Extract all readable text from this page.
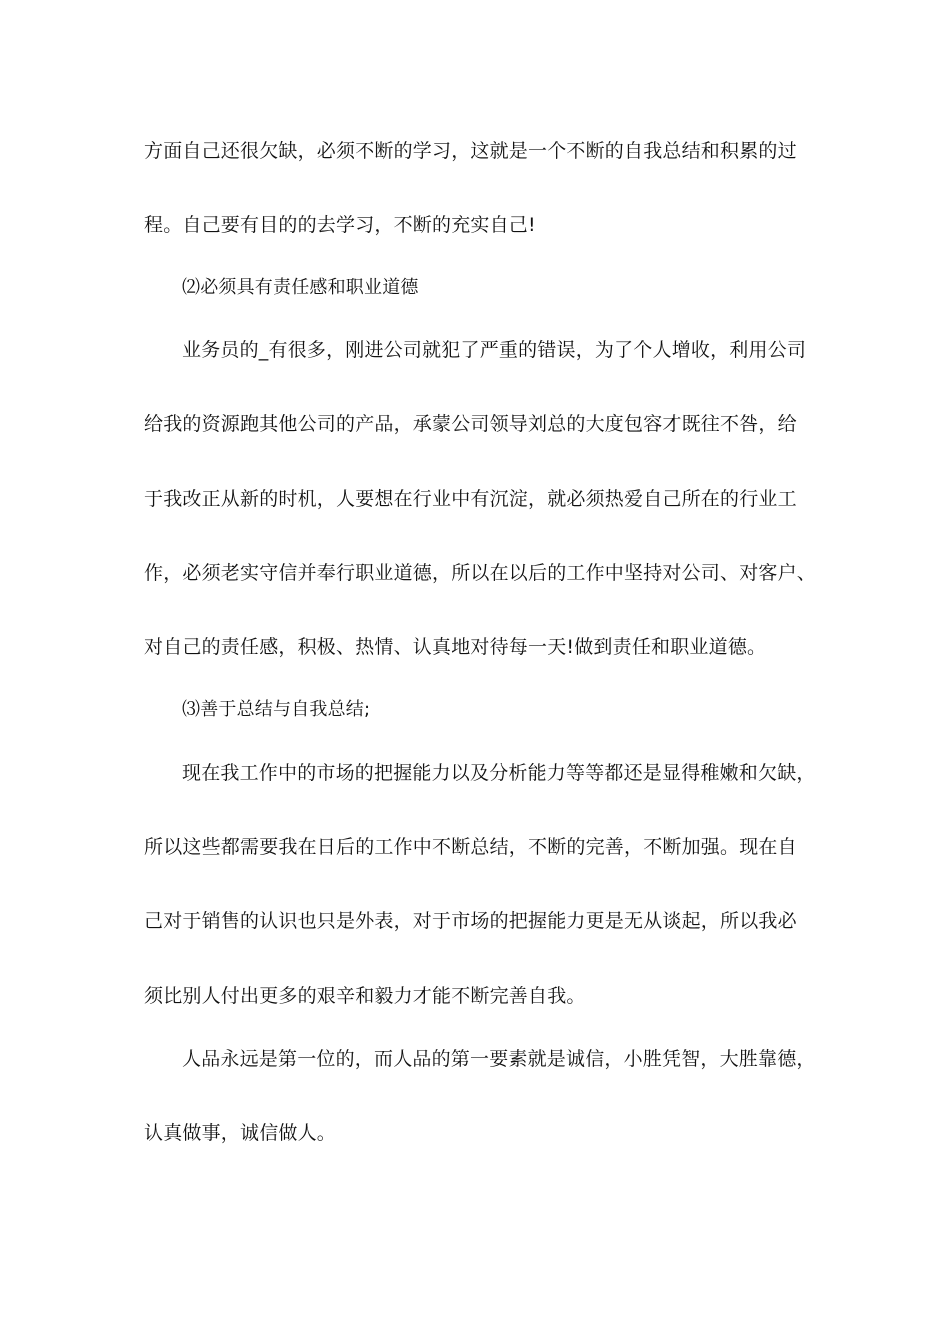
方面自己还很欠缺，必须不断的学习，这就是一个不断的自我总结和积累的过
程。自己要有目的的去学习，不断的充实自己!
⑵必须具有责任感和职业道德
业务员的_有很多，刚进公司就犯了严重的错误，为了个人增收，利用公司
给我的资源跑其他公司的产品，承蒙公司领导刘总的大度包容才既往不咎，给
于我改正从新的时机，人要想在行业中有沉淀，就必须热爱自己所在的行业工
作，必须老实守信并奉行职业道德，所以在以后的工作中坚持对公司、对客户、
对自己的责任感，积极、热情、认真地对待每一天!做到责任和职业道德。
⑶善于总结与自我总结;
现在我工作中的市场的把握能力以及分析能力等等都还是显得稚嫩和欠缺，
所以这些都需要我在日后的工作中不断总结，不断的完善，不断加强。现在自
己对于销售的认识也只是外表，对于市场的把握能力更是无从谈起，所以我必
须比别人付出更多的艰辛和毅力才能不断完善自我。
人品永远是第一位的，而人品的第一要素就是诚信，小胜凭智，大胜靠德，
认真做事，诚信做人。
